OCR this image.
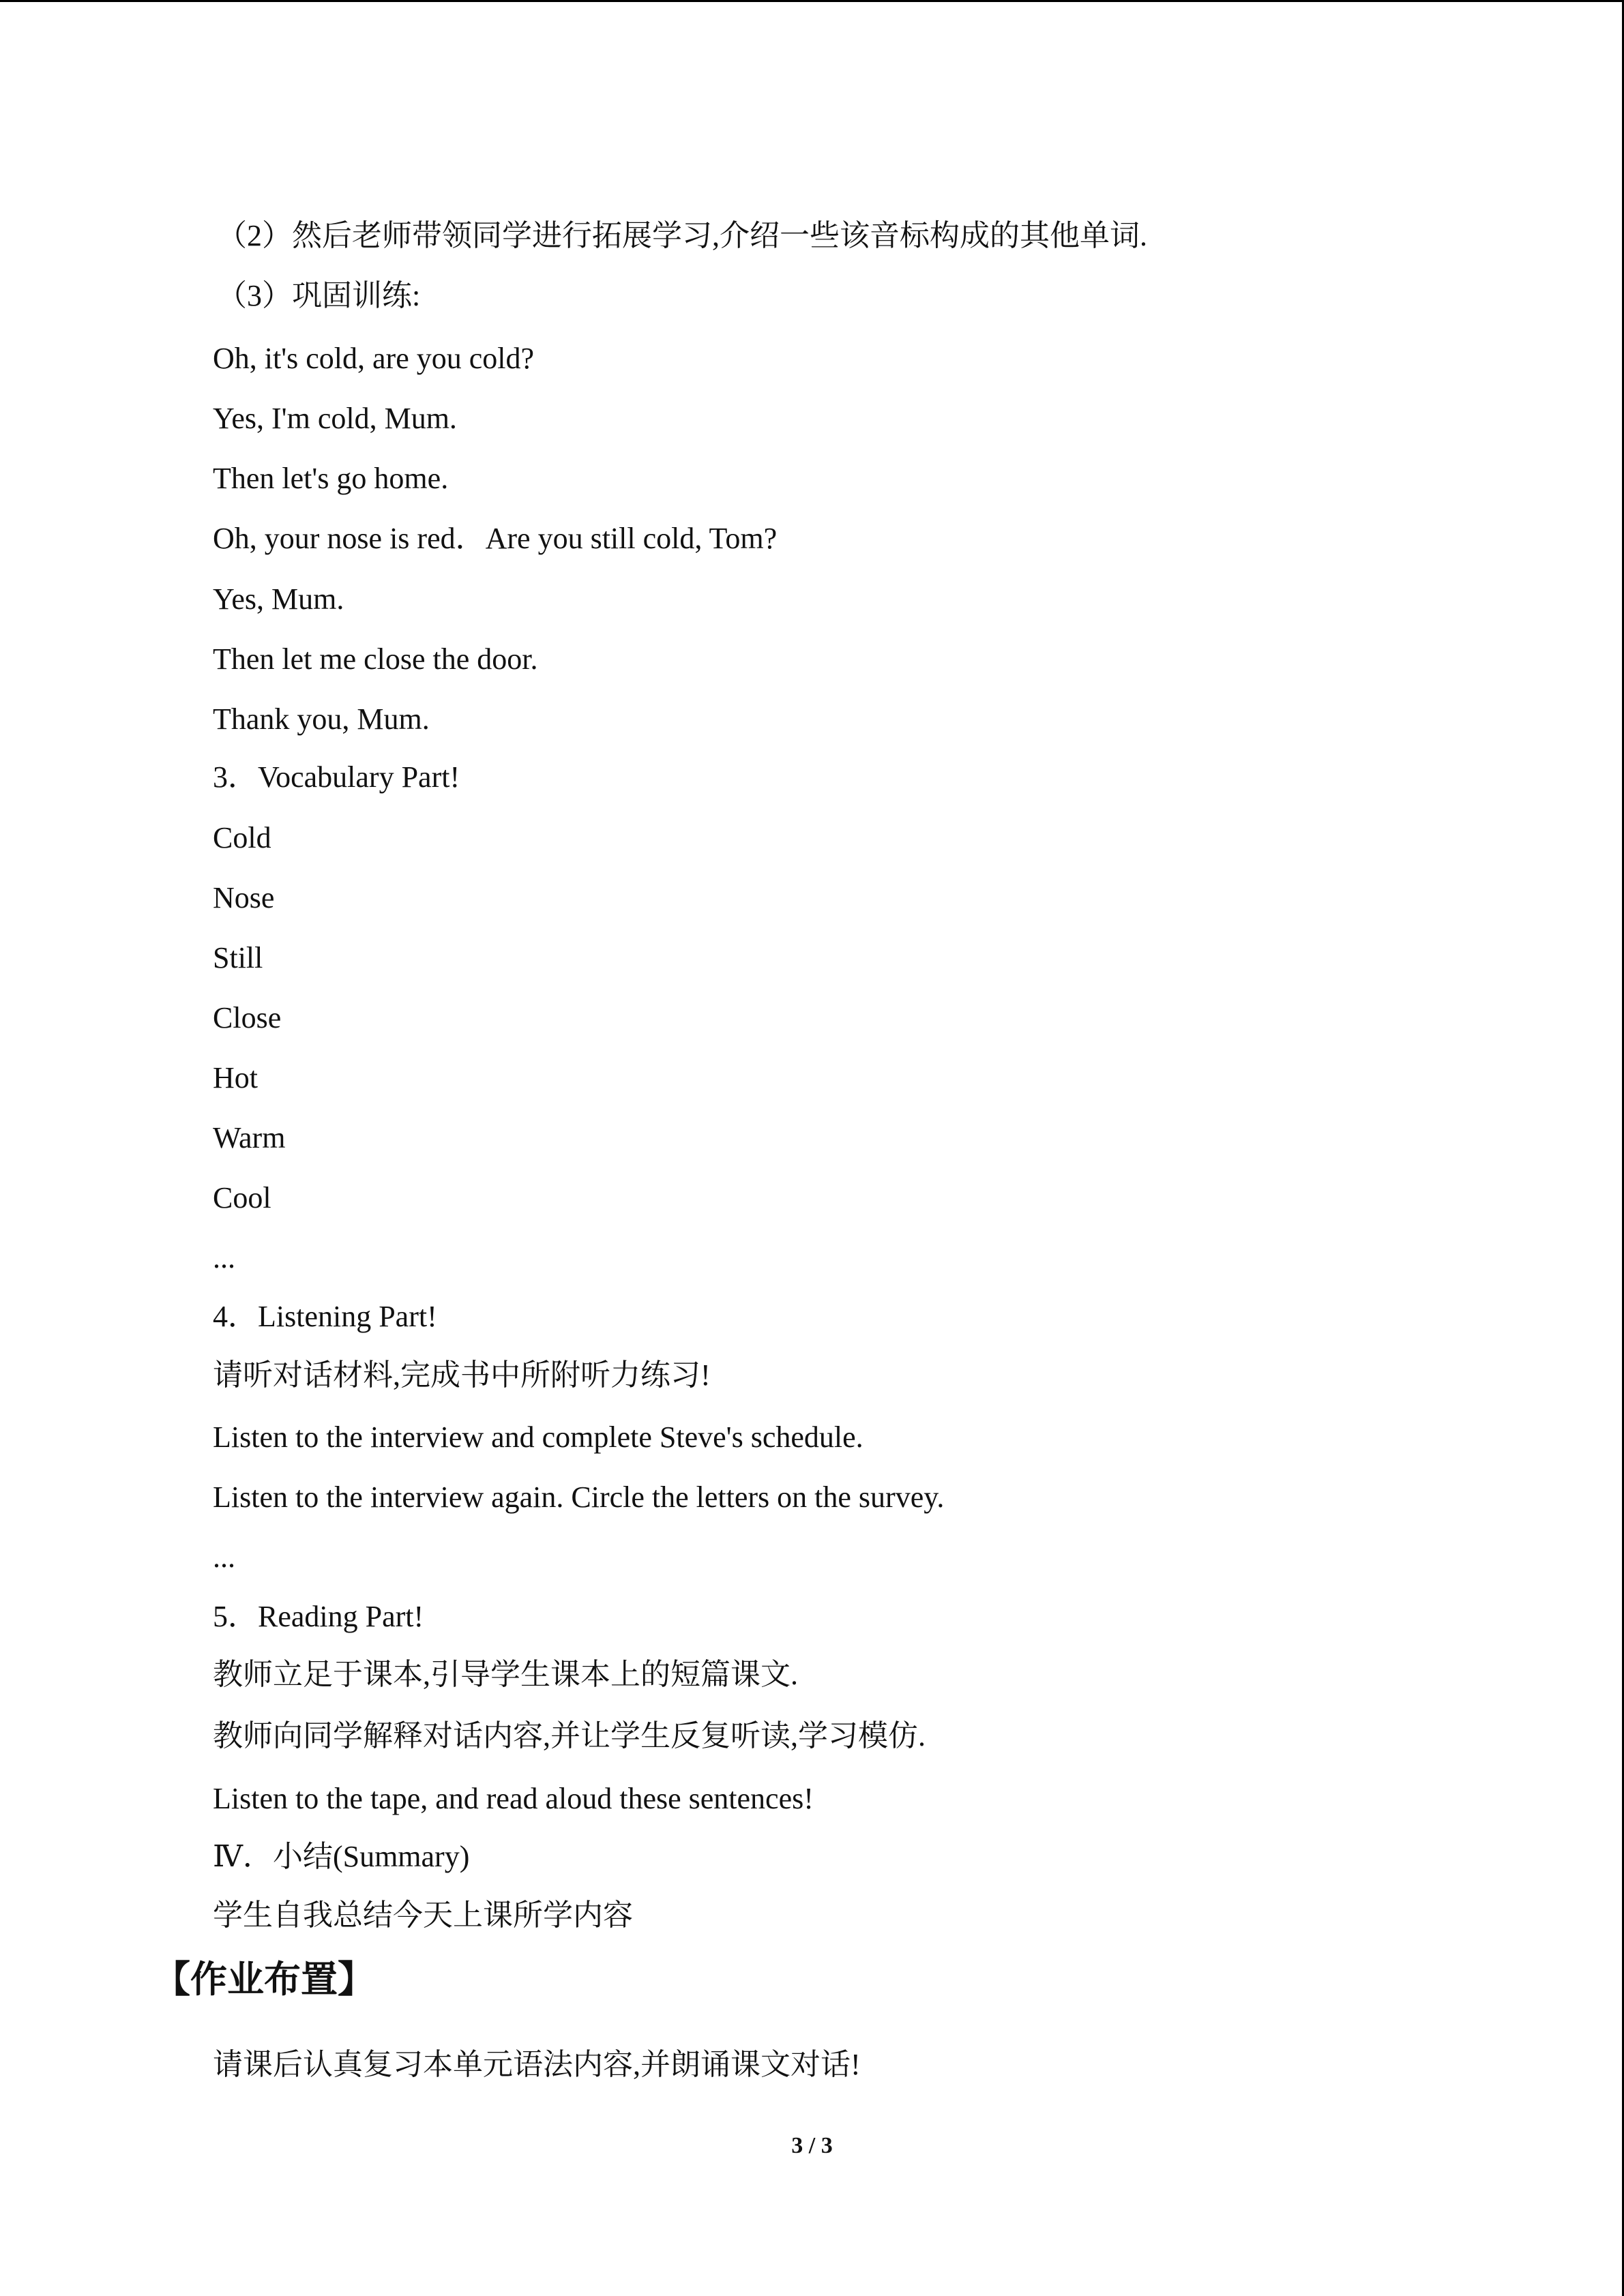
（2）然后老师带领同学进行拓展学习,介绍一些该音标构成的其他单词.
（3）巩固训练:
Oh, it's cold, are you cold?
Yes, I'm cold, Mum.
Then let's go home.
Oh, your nose is red．Are you still cold, Tom?
Yes, Mum.
Then let me close the door.
Thank you, Mum.
3．Vocabulary Part!
Cold
Nose
Still
Close
Hot
Warm
Cool
...
4．Listening Part!
请听对话材料,完成书中所附听力练习!
Listen to the interview and complete Steve's schedule.
Listen to the interview again. Circle the letters on the survey.
...
5．Reading Part!
教师立足于课本,引导学生课本上的短篇课文.
教师向同学解释对话内容,并让学生反复听读,学习模仿.
Listen to the tape, and read aloud these sentences!
Ⅳ．小结(Summary)
学生自我总结今天上课所学内容
【作业布置】
请课后认真复习本单元语法内容,并朗诵课文对话!
3 / 3
